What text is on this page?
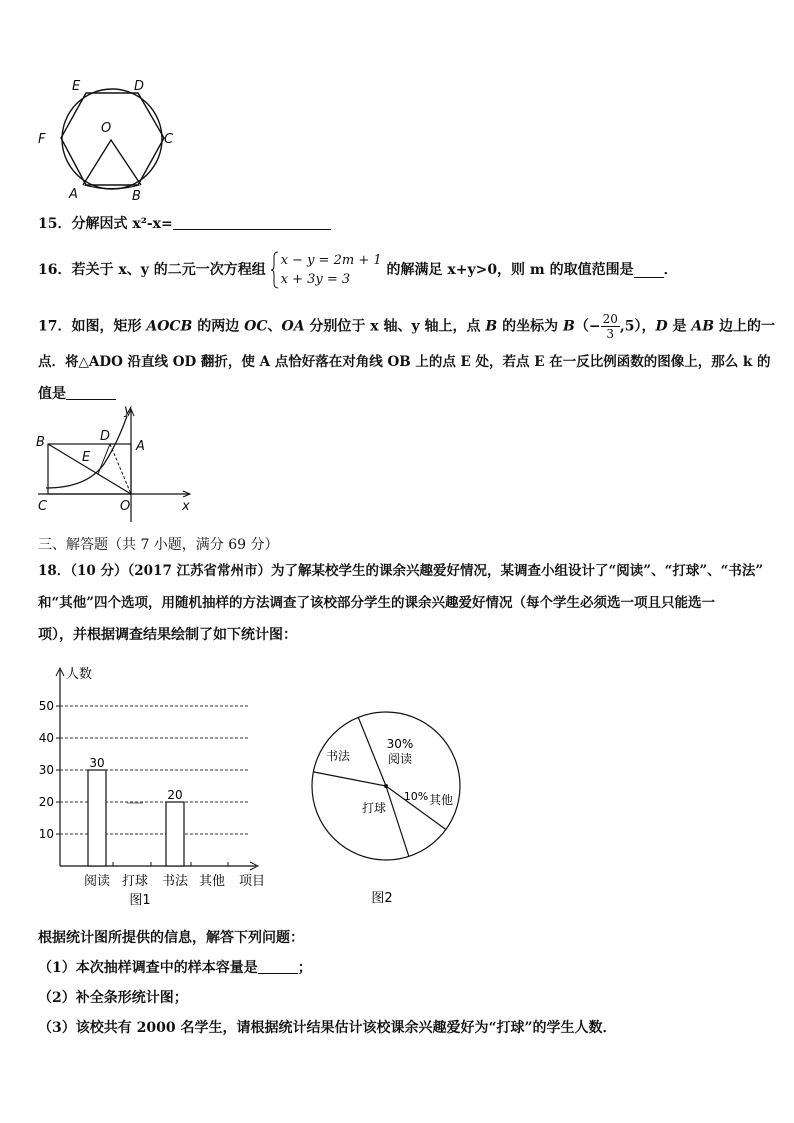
E	D
F	C
O
A	B
15．分解因式 x²-x=
16．若关于 x、y 的二元一次方程组
x − y = 2m + 1
x + 3y = 3
的解满足 x+y>0，则 m 的取值范围是 ．
17．如图，矩形 AOCB 的两边 OC、OA 分别位于 x 轴、y 轴上，点 B 的坐标为 $B(- \frac{20}{3} ,5)$，D 是 AB 边上的一
点．将△ADO 沿直线 OD 翻折，使 A 点恰好落在对角线 OB 上的点 E 处，若点 E 在一反比例函数的图像上，那么 k 的
值是
y
B	D
A
E
C	O	x
三、解答题（共 7 小题，满分 69 分）
18．（10 分）（2017 江苏省常州市）为了解某校学生的课余兴趣爱好情况，某调查小组设计了“阅读”、“打球”、“书法”
和“其他”四个选项，用随机抽样的方法调查了该校部分学生的课余兴趣爱好情况（每个学生必须选一项且只能选一
项），并根据调查结果绘制了如下统计图：
人数
10
20
30
40
50
30
阅读 打球
20
书法 其他 项目
图1
30%
阅读
10% 其他
打球
书法
图2
根据统计图所提供的信息，解答下列问题：
（1）本次抽样调查中的样本容量是	；
（2）补全条形统计图；
（3）该校共有 2000 名学生，请根据统计结果估计该校课余兴趣爱好为“打球”的学生人数．
